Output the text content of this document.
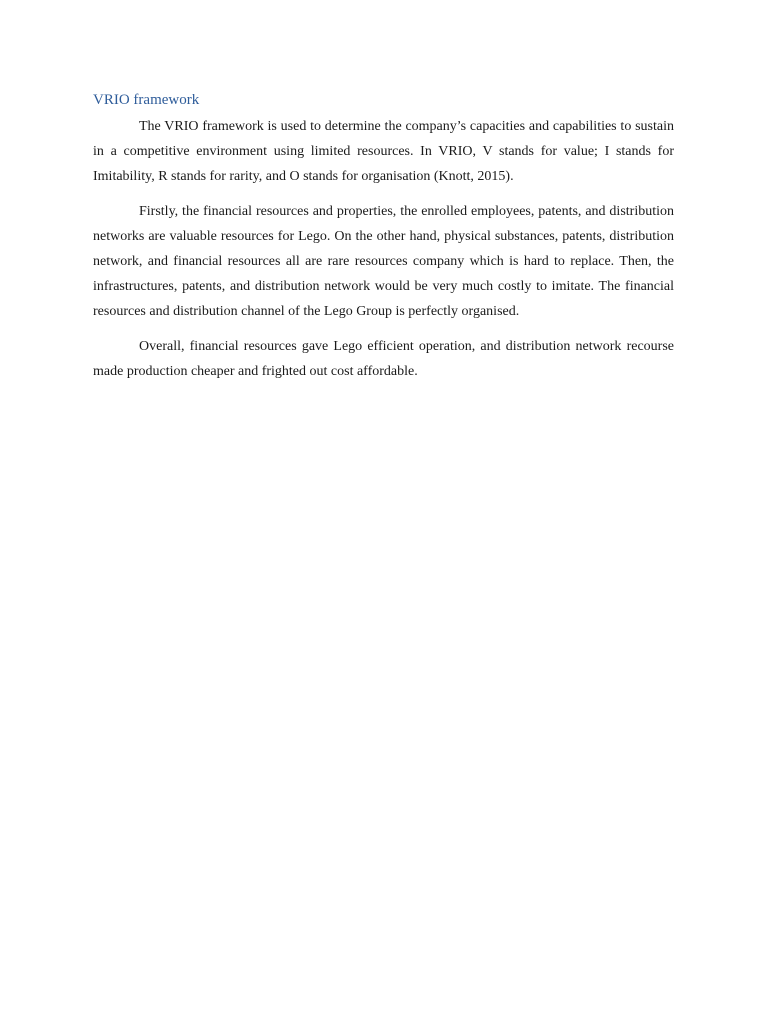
VRIO framework

The VRIO framework is used to determine the company’s capacities and capabilities to sustain in a competitive environment using limited resources. In VRIO, V stands for value; I stands for Imitability, R stands for rarity, and O stands for organisation (Knott, 2015).

Firstly, the financial resources and properties, the enrolled employees, patents, and distribution networks are valuable resources for Lego. On the other hand, physical substances, patents, distribution network, and financial resources all are rare resources company which is hard to replace. Then, the infrastructures, patents, and distribution network would be very much costly to imitate. The financial resources and distribution channel of the Lego Group is perfectly organised.

Overall, financial resources gave Lego efficient operation, and distribution network recourse made production cheaper and frighted out cost affordable.
